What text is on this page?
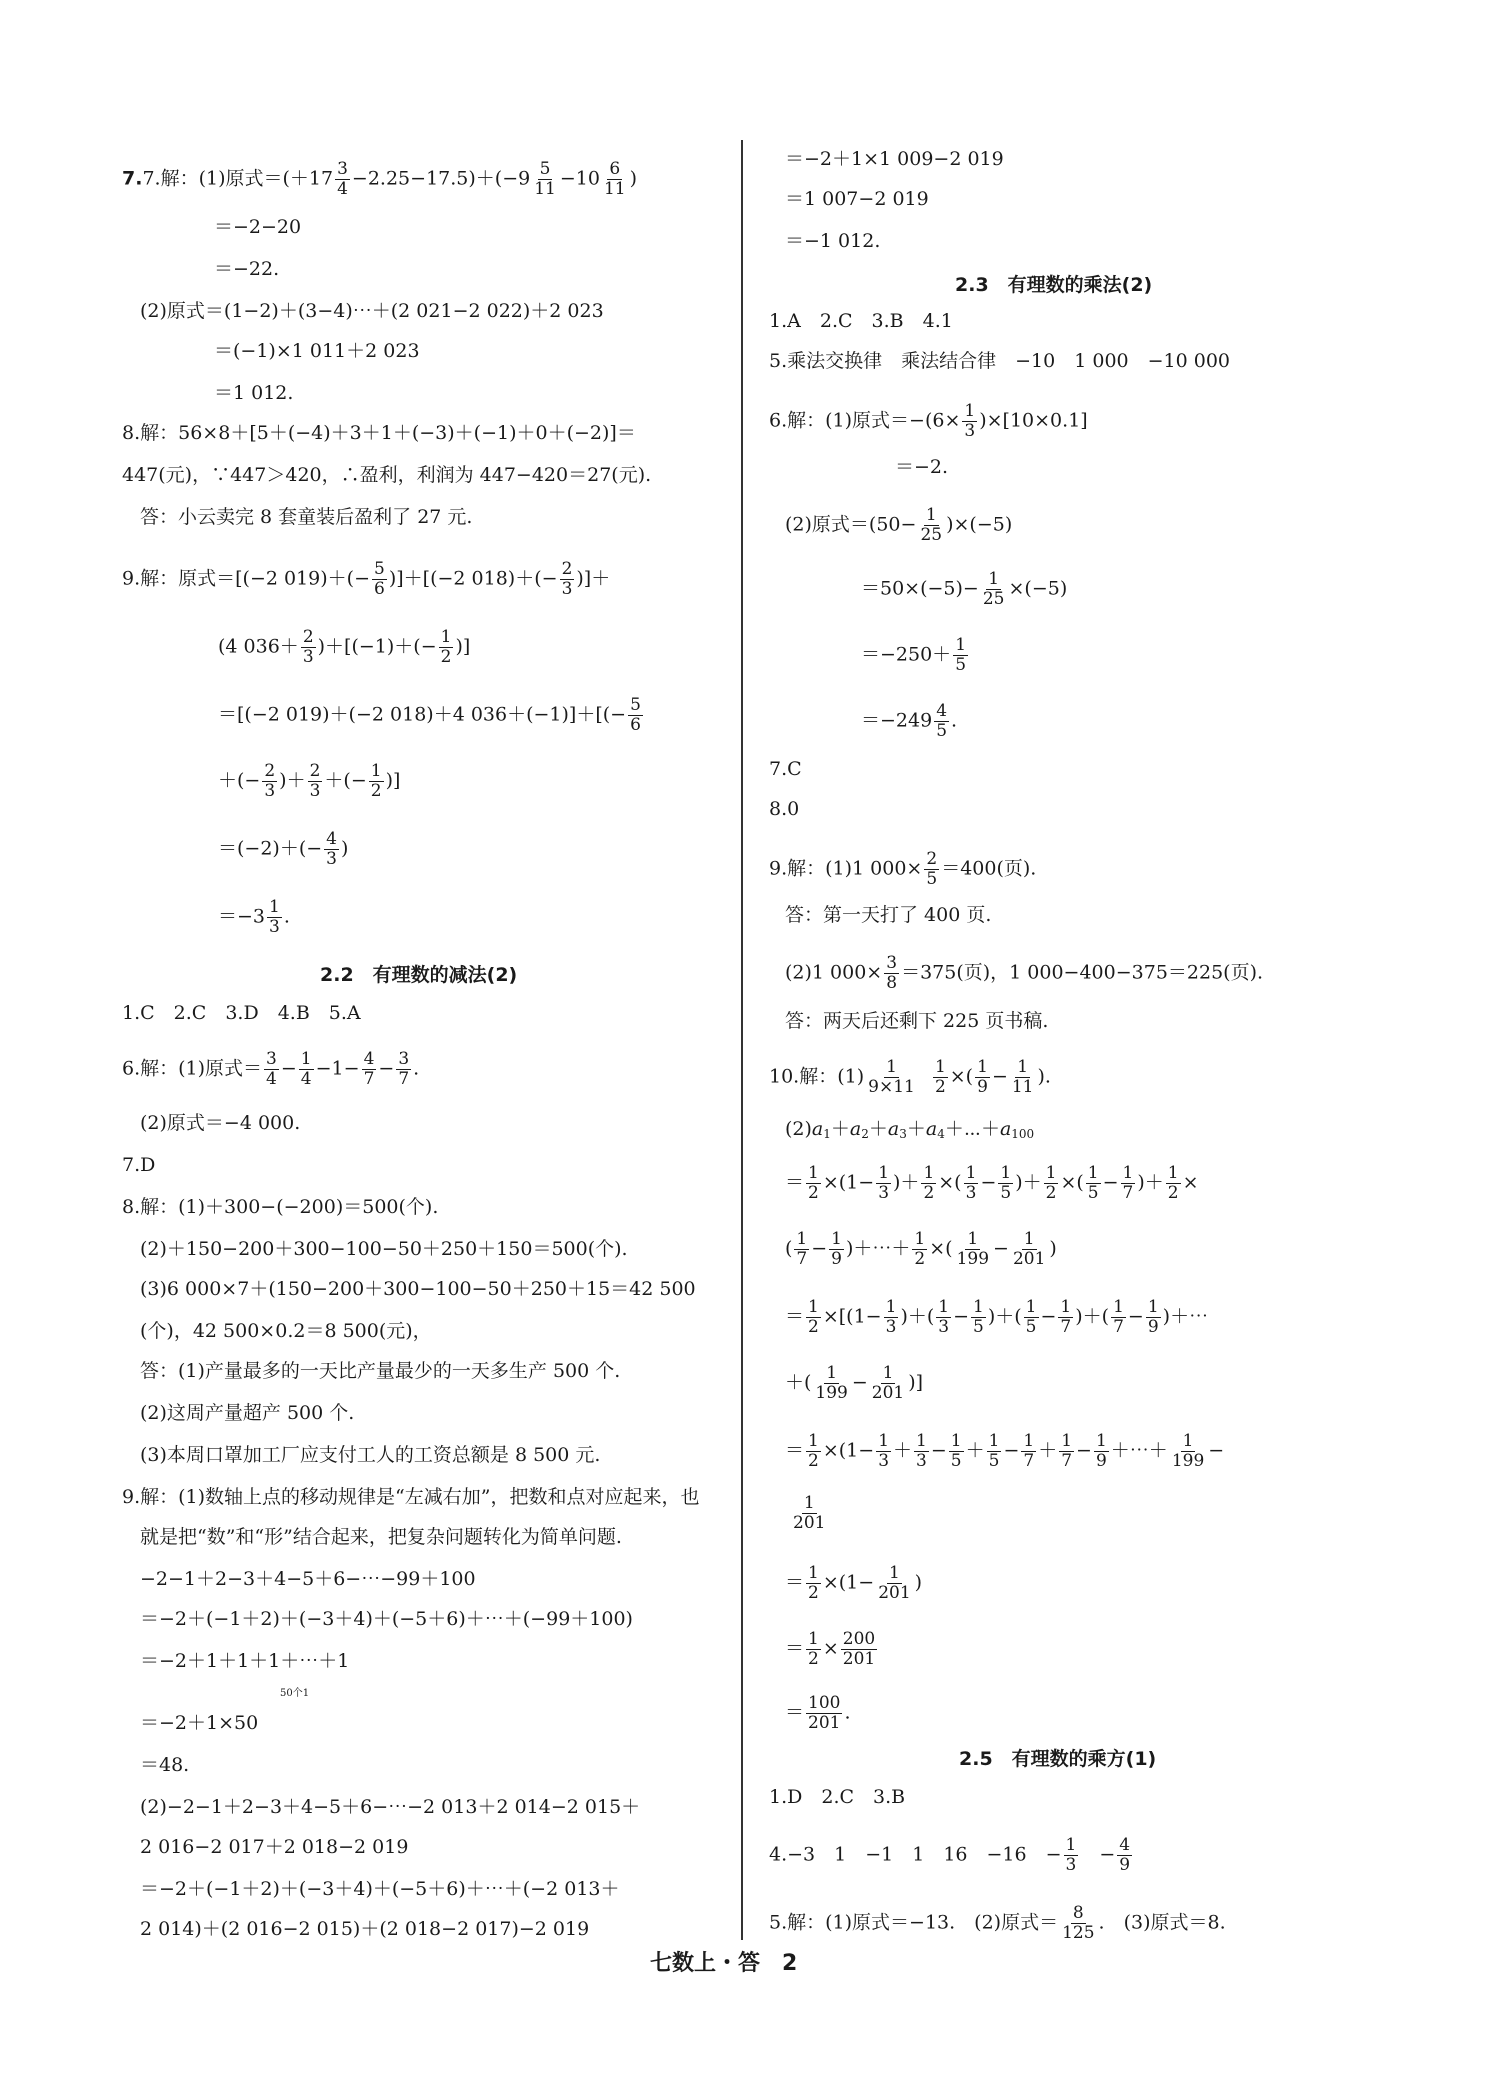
7.7.解：(1)原式$=(+17 \frac{3}{4} -2.25-17.5)+(-9 \frac{5}{11} -10 \frac{6}{11}$ )
＝−2−20
＝−22.
(2)原式＝(1−2)＋(3−4)⋯＋(2 021−2 022)＋2 023
＝(−1)×1 011＋2 023
＝1 012.
8.解：56×8＋[5＋(−4)＋3＋1＋(−3)＋(−1)＋0＋(−2)]＝
447(元)，∵447＞420，∴盈利，利润为 447−420＝27(元).
答：小云卖完 8 套童装后盈利了 27 元.
9.解：原式＝[(−2 $019)+(- \frac{5}{6} )]+[(-2$ $018)+(- \frac{2}{3}$ )]＋
(4 $036+ \frac{2}{3} )+[(-1)+(- \frac{1}{2}$ )]
＝[(−2 019)＋(−2 018)＋4 $036+(-1)]+[(- \frac{5}{6}$
＋(− $\frac{2}{3}$ )＋ $\frac{2}{3}$ ＋(− $\frac{1}{2}$ )]
$=(-2)+(- \frac{4}{3}$ )
$=-3 \frac{1}{3}$ .
2.2　有理数的减法(2)
1.C　2.C　3.D　4.B　5.A
6.解：(1)原式＝ $\frac{3}{4} - \frac{1}{4} -1- \frac{4}{7} - \frac{3}{7}$ .
(2)原式＝−4 000.
7.D
8.解：(1)＋300−(−200)＝500(个).
(2)＋150−200＋300−100−50＋250＋150＝500(个).
(3)6 000×7＋(150−200＋300−100−50＋250＋15＝42 500
(个)，42 500×0.2＝8 500(元)，
答：(1)产量最多的一天比产量最少的一天多生产 500 个.
(2)这周产量超产 500 个.
(3)本周口罩加工厂应支付工人的工资总额是 8 500 元.
9.解：(1)数轴上点的移动规律是“左减右加”，把数和点对应起来，也
就是把“数”和“形”结合起来，把复杂问题转化为简单问题.
−2−1＋2−3＋4−5＋6−⋯−99＋100
＝−2＋(−1＋2)＋(−3＋4)＋(−5＋6)＋⋯＋(−99＋100)
＝−2＋1＋1＋1＋⋯＋1
50个1
＝−2＋1×50
＝48.
(2)−2−1＋2−3＋4−5＋6−⋯−2 013＋2 014−2 015＋
2 016−2 017＋2 018−2 019
＝−2＋(−1＋2)＋(−3＋4)＋(−5＋6)＋⋯＋(−2 013＋
2 014)＋(2 016−2 015)＋(2 018−2 017)−2 019
＝−2＋1×1 009−2 019
＝1 007−2 019
＝−1 012.
2.3　有理数的乘法(2)
1.A　2.C　3.B　4.1
5.乘法交换律　乘法结合律　−10　1 000　−10 000
6.解：(1)原式$=-(6\times \frac{1}{3} )\times[10\times 0.1]$
＝−2.
(2)原式$=(50- \frac{1}{25} )\times(-5)$
$=50\times(-5)- \frac{1}{25} \times(-5)$
$=-250+ \frac{1}{5}$
$=-249 \frac{4}{5}$ .
7.C
8.0
9.解：(1)1 $000\times \frac{2}{5} =400$(页).
答：第一天打了 400 页.
(2)1 $000\times \frac{3}{8} =375$(页)，1 000−400−375＝225(页).
答：两天后还剩下 225 页书稿.
10.解：$(1) \frac{1}{9\times 11}$
$\frac{1}{2}$ ×( $\frac{1}{9} - \frac{1}{11}$ ).
$(2)a_1+a_2+a_3+a_4+\cdots+a_{100}$
＝ $\frac{1}{2} \times(1- \frac{1}{3}$ )＋ $\frac{1}{2}$ ×( $\frac{1}{3} - \frac{1}{5}$ )＋ $\frac{1}{2}$ ×( $\frac{1}{5} - \frac{1}{7}$ )＋ $\frac{1}{2}$ ×
( $\frac{1}{7} - \frac{1}{9}$ )＋⋯＋ $\frac{1}{2}$ ×( $\frac{1}{199} - \frac{1}{201}$ )
＝ $\frac{1}{2} \times[(1- \frac{1}{3}$ )＋( $\frac{1}{3} - \frac{1}{5}$ )＋( $\frac{1}{5} - \frac{1}{7}$ )＋( $\frac{1}{7} - \frac{1}{9}$ )＋⋯
＋( $\frac{1}{199} - \frac{1}{201}$ )]
＝ $\frac{1}{2} \times(1- \frac{1}{3} + \frac{1}{3} - \frac{1}{5} + \frac{1}{5} - \frac{1}{7} + \frac{1}{7} - \frac{1}{9}$ ＋⋯＋ $\frac{1}{199}$ −
$\frac{1}{201}$
＝ $\frac{1}{2} \times(1- \frac{1}{201}$ )
＝ $\frac{1}{2} \times \frac{200}{201}$
＝ $\frac{100}{201}$ .
2.5　有理数的乘方(1)
1.D　2.C　3.B
4.−3　1　−1　1　16　−16　− $\frac{1}{3}$ 　− $\frac{4}{9}$
5.解：(1)原式＝−13.　(2)原式＝ $\frac{8}{125}$ .　(3)原式＝8.
七数上・答　2
